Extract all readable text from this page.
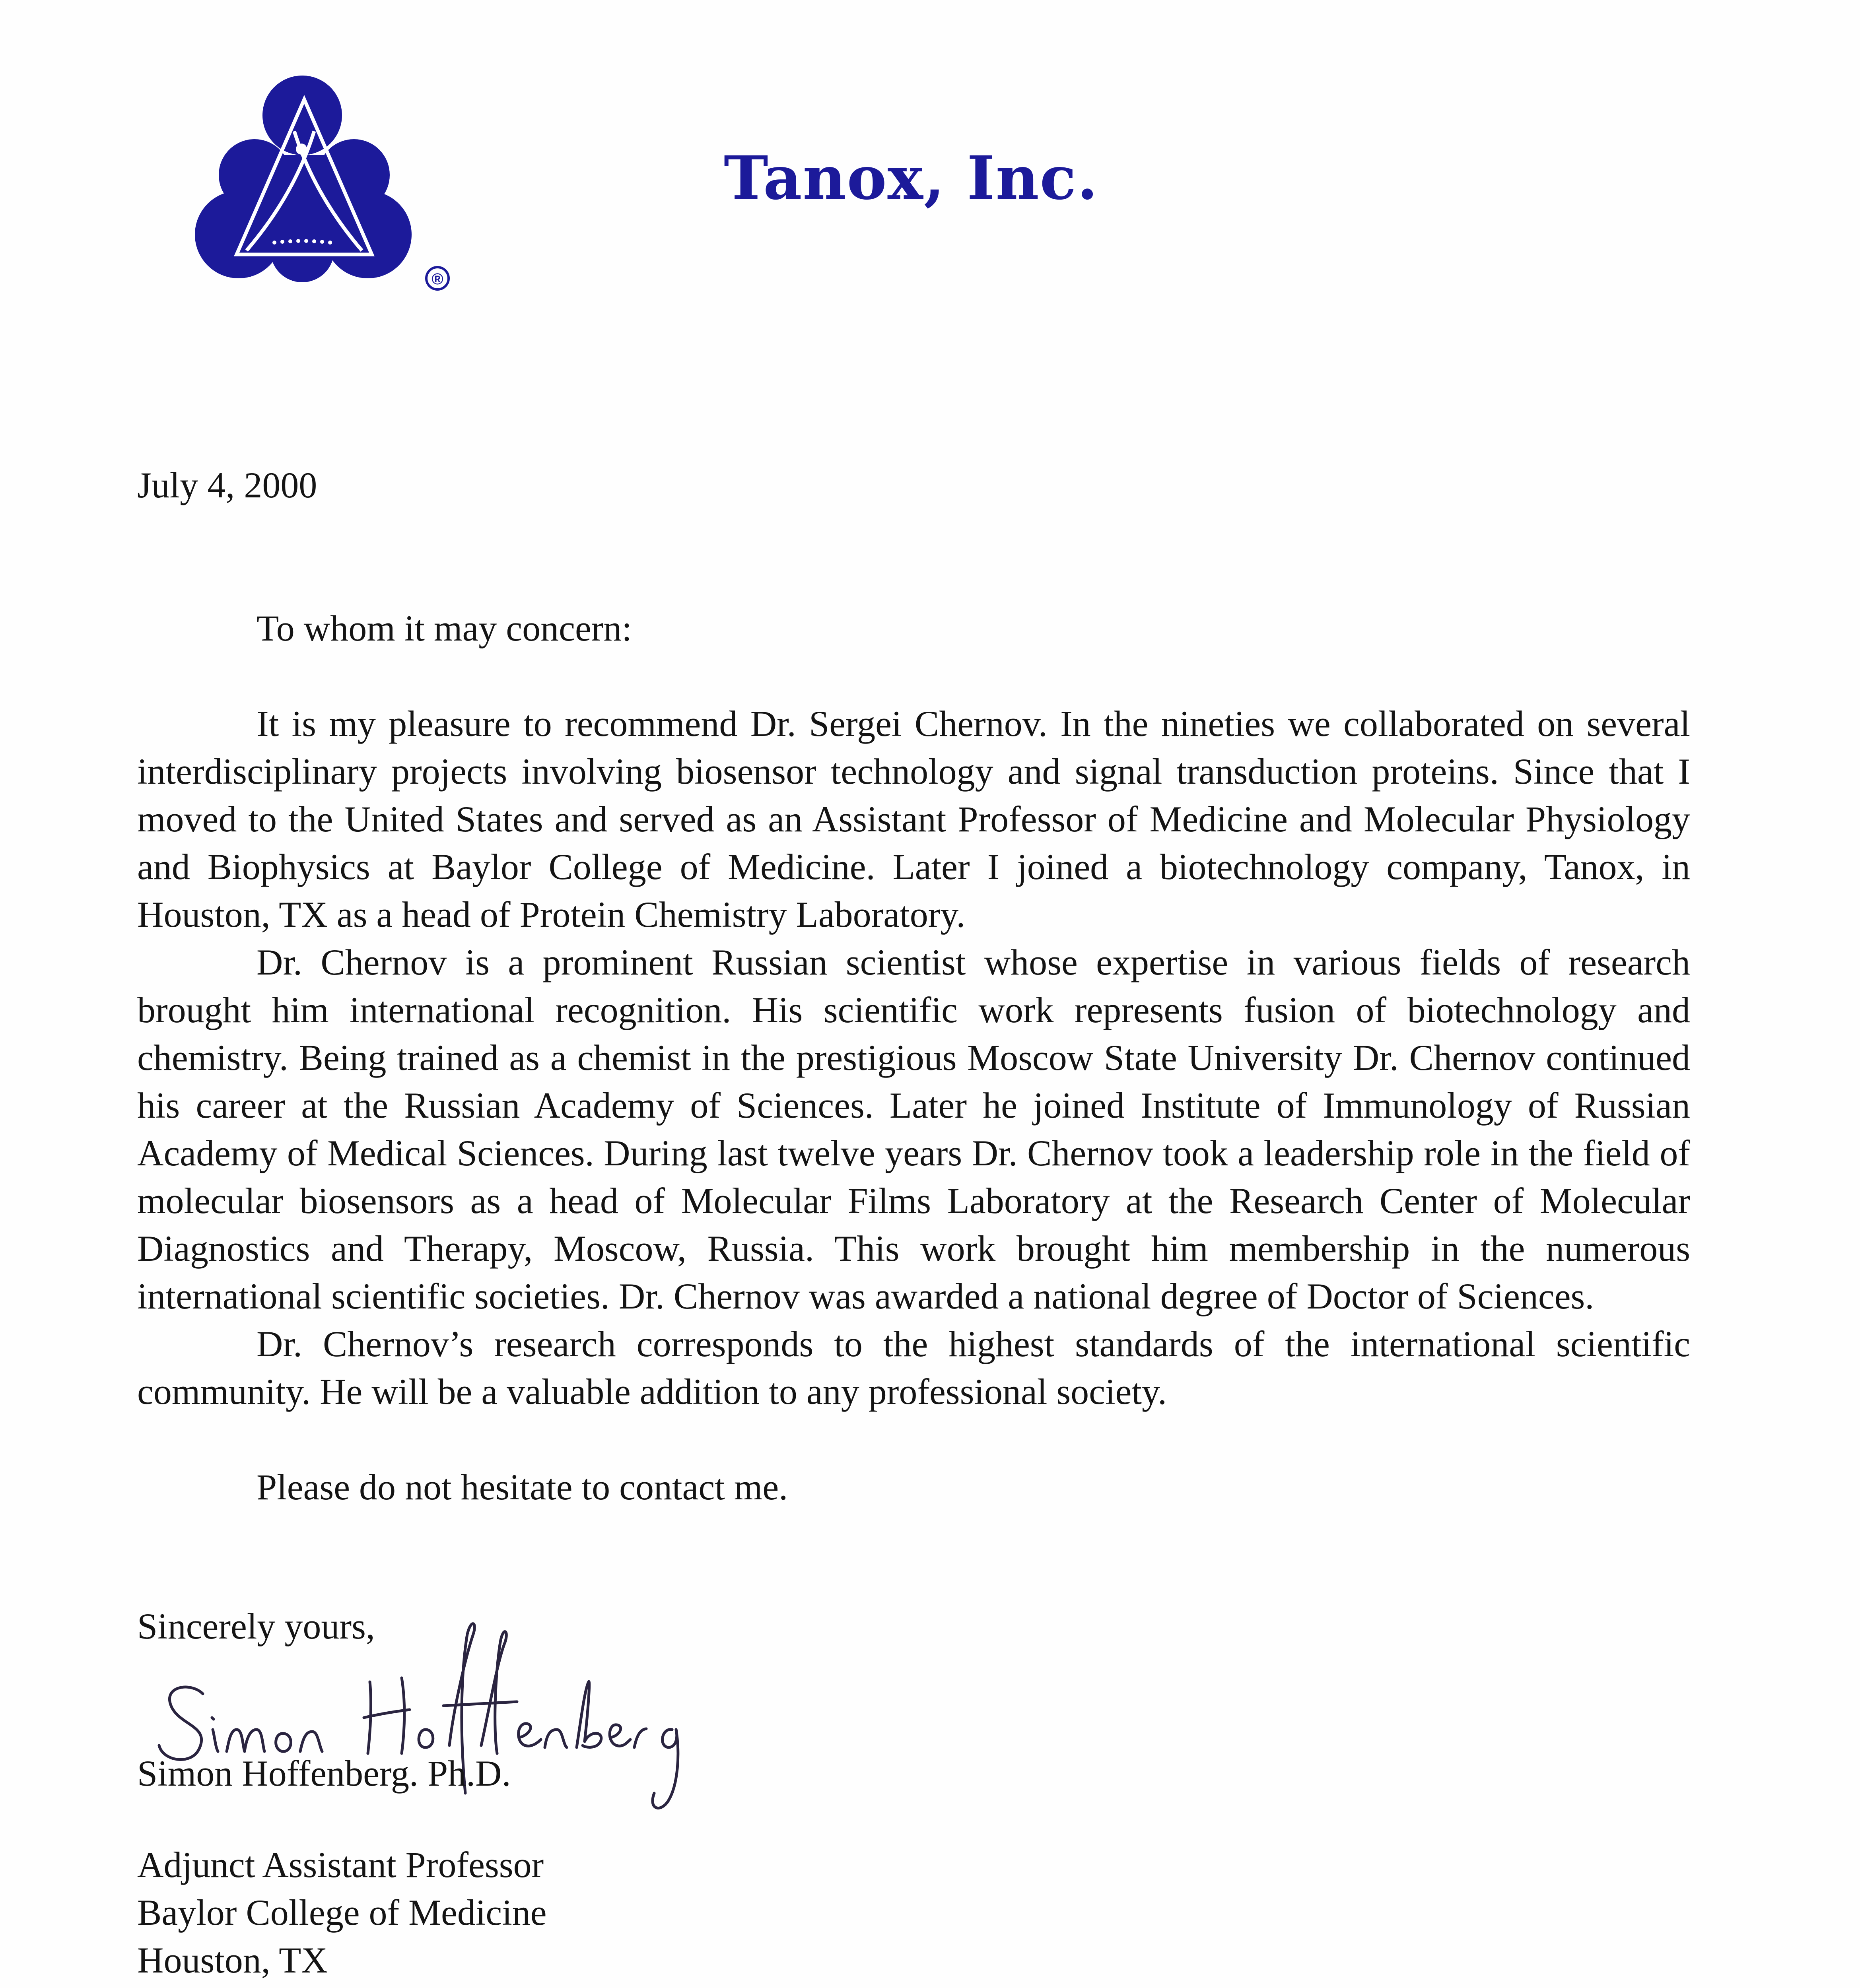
®
Tanox, Inc.
July 4, 2000

To whom it may concern:

It is my pleasure to recommend Dr. Sergei Chernov. In the nineties we collaborated on several interdisciplinary projects involving biosensor technology and signal transduction proteins. Since that I moved to the United States and served as an Assistant Professor of Medicine and Molecular Physiology and Biophysics at Baylor College of Medicine. Later I joined a biotechnology company, Tanox, in Houston, TX as a head of Protein Chemistry Laboratory.

Dr. Chernov is a prominent Russian scientist whose expertise in various fields of research brought him international recognition. His scientific work represents fusion of biotechnology and chemistry. Being trained as a chemist in the prestigious Moscow State University Dr. Chernov continued his career at the Russian Academy of Sciences. Later he joined Institute of Immunology of Russian Academy of Medical Sciences. During last twelve years Dr. Chernov took a leadership role in the field of molecular biosensors as a head of Molecular Films Laboratory at the Research Center of Molecular Diagnostics and Therapy, Moscow, Russia. This work brought him membership in the numerous international scientific societies. Dr. Chernov was awarded a national degree of Doctor of Sciences.

Dr. Chernov’s research corresponds to the highest standards of the international scientific community. He will be a valuable addition to any professional society.

Please do not hesitate to contact me.

Sincerely yours,
Simon Hoffenberg. Ph.D.
Adjunct Assistant Professor
Baylor College of Medicine
Houston, TX
